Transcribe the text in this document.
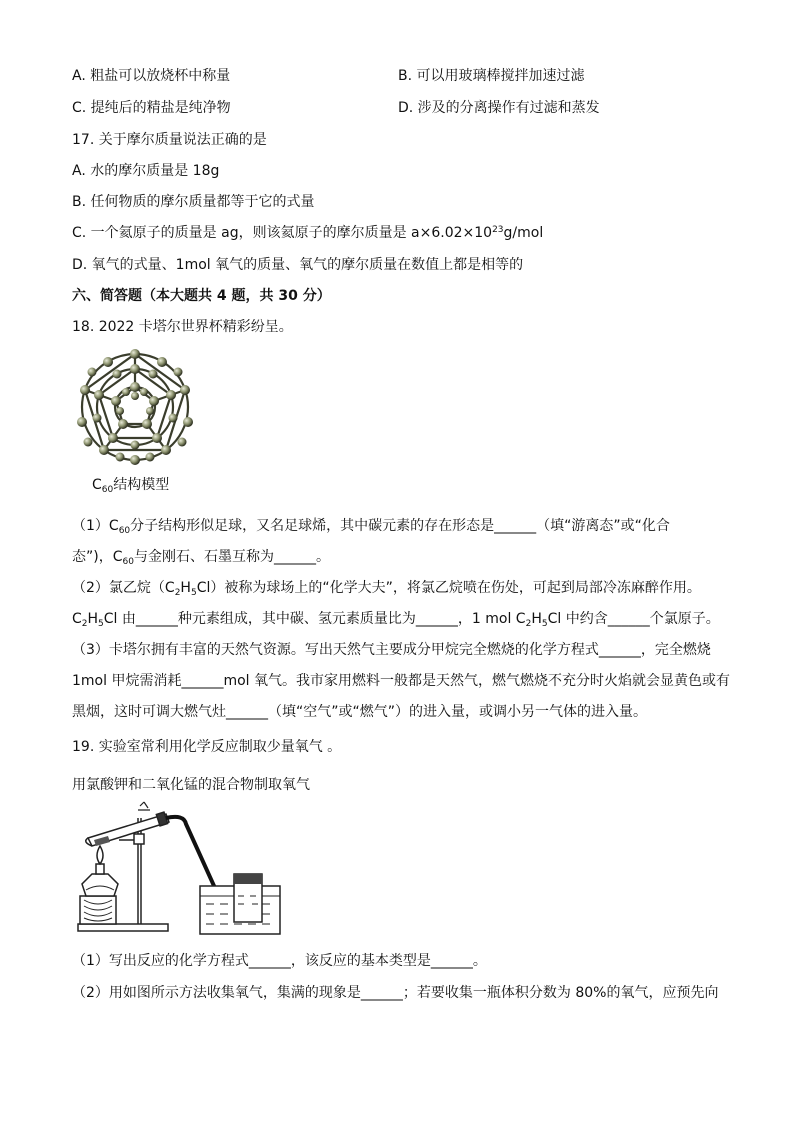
A. 粗盐可以放烧杯中称量	B. 可以用玻璃棒搅拌加速过滤
C. 提纯后的精盐是纯净物	D. 涉及的分离操作有过滤和蒸发
17. 关于摩尔质量说法正确的是
A. 水的摩尔质量是 18g
B. 任何物质的摩尔质量都等于它的式量
C. 一个氦原子的质量是 ag，则该氦原子的摩尔质量是 $a\times 6.02\times 10^{23}g$/mol
D. 氧气的式量、1mol 氧气的质量、氧气的摩尔质量在数值上都是相等的
六、简答题（本大题共 4 题，共 30 分）
18. 2022 卡塔尔世界杯精彩纷呈。
$C_{60}$结构模型
$(1)C_{60}$分子结构形似足球，又名足球烯，其中碳元素的存在形态是______（填“游离态”或“化合
态”)，$C_{60}$与金刚石、石墨互称为______。
（2）氯乙烷$(C_2H_5Cl)$被称为球场上的“化学大夫”，将氯乙烷喷在伤处，可起到局部冷冻麻醉作用。
$C_2H_5Cl$ 由______种元素组成，其中碳、氢元素质量比为______，1 mol $C_2H_5Cl$ 中约含______个氯原子。
（3）卡塔尔拥有丰富的天然气资源。写出天然气主要成分甲烷完全燃烧的化学方程式______，完全燃烧
1mol 甲烷需消耗______mol 氧气。我市家用燃料一般都是天然气，燃气燃烧不充分时火焰就会显黄色或有
黑烟，这时可调大燃气灶______（填“空气”或“燃气”）的进入量，或调小另一气体的进入量。
19. 实验室常利用化学反应制取少量氧气 。
用氯酸钾和二氧化锰的混合物制取氧气
（1）写出反应的化学方程式______，该反应的基本类型是______。
（2）用如图所示方法收集氧气，集满的现象是______；若要收集一瓶体积分数为 80%的氧气，应预先向
